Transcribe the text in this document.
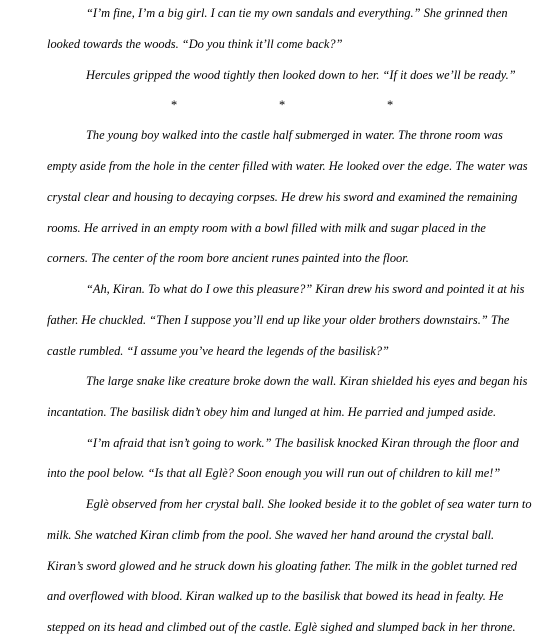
“I’m fine, I’m a big girl. I can tie my own sandals and everything.” She grinned then
looked towards the woods. “Do you think it’ll come back?”
Hercules gripped the wood tightly then looked down to her. “If it does we’ll be ready.”
*	*	*
The young boy walked into the castle half submerged in water. The throne room was
empty aside from the hole in the center filled with water. He looked over the edge. The water was
crystal clear and housing to decaying corpses. He drew his sword and examined the remaining
rooms. He arrived in an empty room with a bowl filled with milk and sugar placed in the
corners. The center of the room bore ancient runes painted into the floor.
“Ah, Kiran. To what do I owe this pleasure?” Kiran drew his sword and pointed it at his
father. He chuckled. “Then I suppose you’ll end up like your older brothers downstairs.” The
castle rumbled. “I assume you’ve heard the legends of the basilisk?”
The large snake like creature broke down the wall. Kiran shielded his eyes and began his
incantation. The basilisk didn’t obey him and lunged at him. He parried and jumped aside.
“I’m afraid that isn’t going to work.” The basilisk knocked Kiran through the floor and
into the pool below. “Is that all Eglè? Soon enough you will run out of children to kill me!”
Eglè observed from her crystal ball. She looked beside it to the goblet of sea water turn to
milk. She watched Kiran climb from the pool. She waved her hand around the crystal ball.
Kiran’s sword glowed and he struck down his gloating father. The milk in the goblet turned red
and overflowed with blood. Kiran walked up to the basilisk that bowed its head in fealty. He
stepped on its head and climbed out of the castle. Eglè sighed and slumped back in her throne.
